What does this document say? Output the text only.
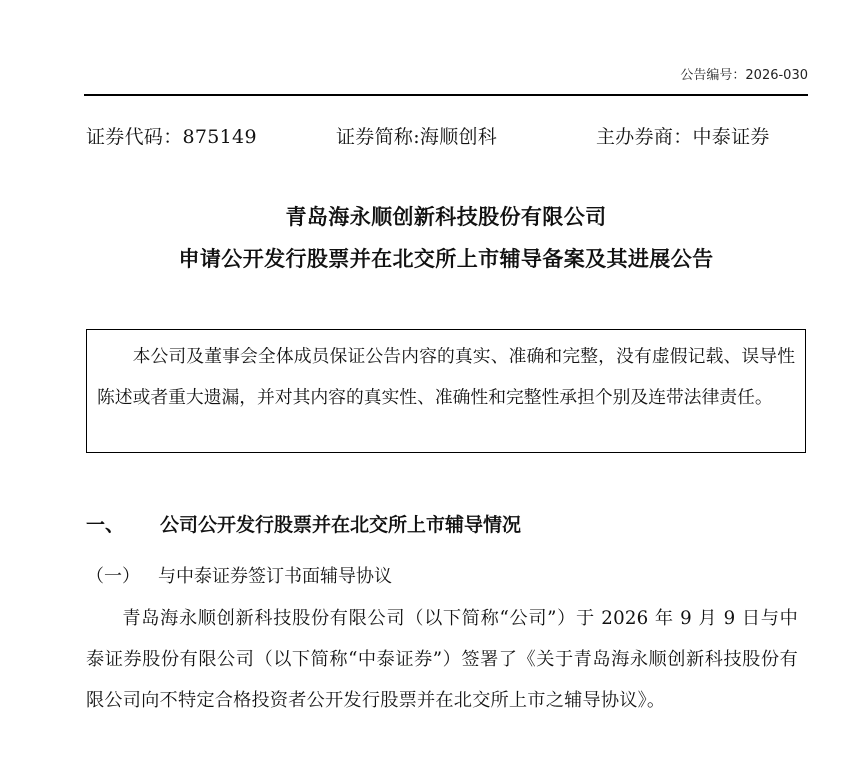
公告编号：2026-030
证券代码：875149	证券简称:海顺创科	主办券商：中泰证券
青岛海永顺创新科技股份有限公司
申请公开发行股票并在北交所上市辅导备案及其进展公告
本公司及董事会全体成员保证公告内容的真实、准确和完整，没有虚假记载、误导性陈述或者重大遗漏，并对其内容的真实性、准确性和完整性承担个别及连带法律责任。
一、	公司公开发行股票并在北交所上市辅导情况
（一）	与中泰证券签订书面辅导协议
青岛海永顺创新科技股份有限公司（以下简称“公司”）于 2026 年 9 月 9 日与中泰证券股份有限公司（以下简称“中泰证券”）签署了《关于青岛海永顺创新科技股份有限公司向不特定合格投资者公开发行股票并在北交所上市之辅导协议》。
